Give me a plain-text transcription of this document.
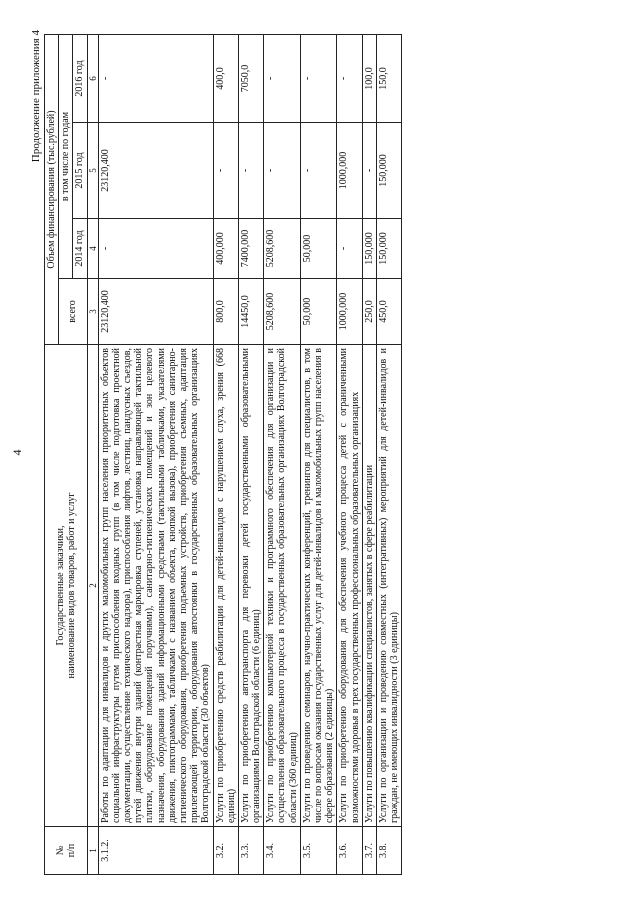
4
Продолжение приложения 4
№
п/п	Государственные заказчики,
наименование видов товаров, работ и услуг	Объем финансирования (тыс.рублей)			
		всего	в том числе по годам		
			2014 год	2015 год	2016 год
1	2	3	4	5	6
3.1.2.	Работы по адаптации для инвалидов и других маломобильных групп населения приоритетных объектов социальной инфраструктуры путем приспособления входных групп (в том числе подготовка проектной документации, осуществление технического надзора), приспособления лифтов, лестниц, пандусных съездов, путей движения внутри зданий (контрастная маркировка ступеней, установка направляющей тактильной плитки, оборудование помещений поручнями), санитарно-гигиенических помещений и зон целевого назначения, оборудования зданий информационными средствами (тактильными табличками, указателями движения, пиктограммами, табличками с названием объекта, кнопкой вызова), приобретения санитарно-гигиенического оборудования, приобретения подъемных устройств, приобретения съемных, адаптация прилегающей территории, оборудования автостоянки в государственных образовательных организациях Волгоградской области (30 объектов)	23120,400	-	23120,400	-
3.2.	Услуги по приобретению средств реабилитации для детей-инвалидов с нарушением слуха, зрения (668 единиц)	800,0	400,000	-	400,0
3.3.	Услуги по приобретению автотранспорта для перевозки детей государственными образовательными организациями Волгоградской области (6 единиц)	14450,0	7400,000	-	7050,0
3.4.	Услуги по приобретению компьютерной техники и программного обеспечения для организации и осуществления образовательного процесса в государственных образовательных организациях Волгоградской области (360 единиц)	5208,600	5208,600	-	-
3.5.	Услуги по проведению семинаров, научно-практических конференций, тренингов для специалистов, в том числе по вопросам оказания государственных услуг для детей-инвалидов и маломобильных групп населения в сфере образования (2 единицы)	50,000	50,000	-	-
3.6.	Услуги по приобретению оборудования для обеспечения учебного процесса детей с ограниченными возможностями здоровья в трех государственных профессиональных образовательных организациях	1000,000	-	1000,000	-
3.7.	Услуги по повышению квалификации специалистов, занятых в сфере реабилитации	250,0	150,000	-	100,0
3.8.	Услуги по организации и проведению совместных (интегративных) мероприятий для детей-инвалидов и граждан, не имеющих инвалидности (3 единицы)	450,0	150,000	150,000	150,0
